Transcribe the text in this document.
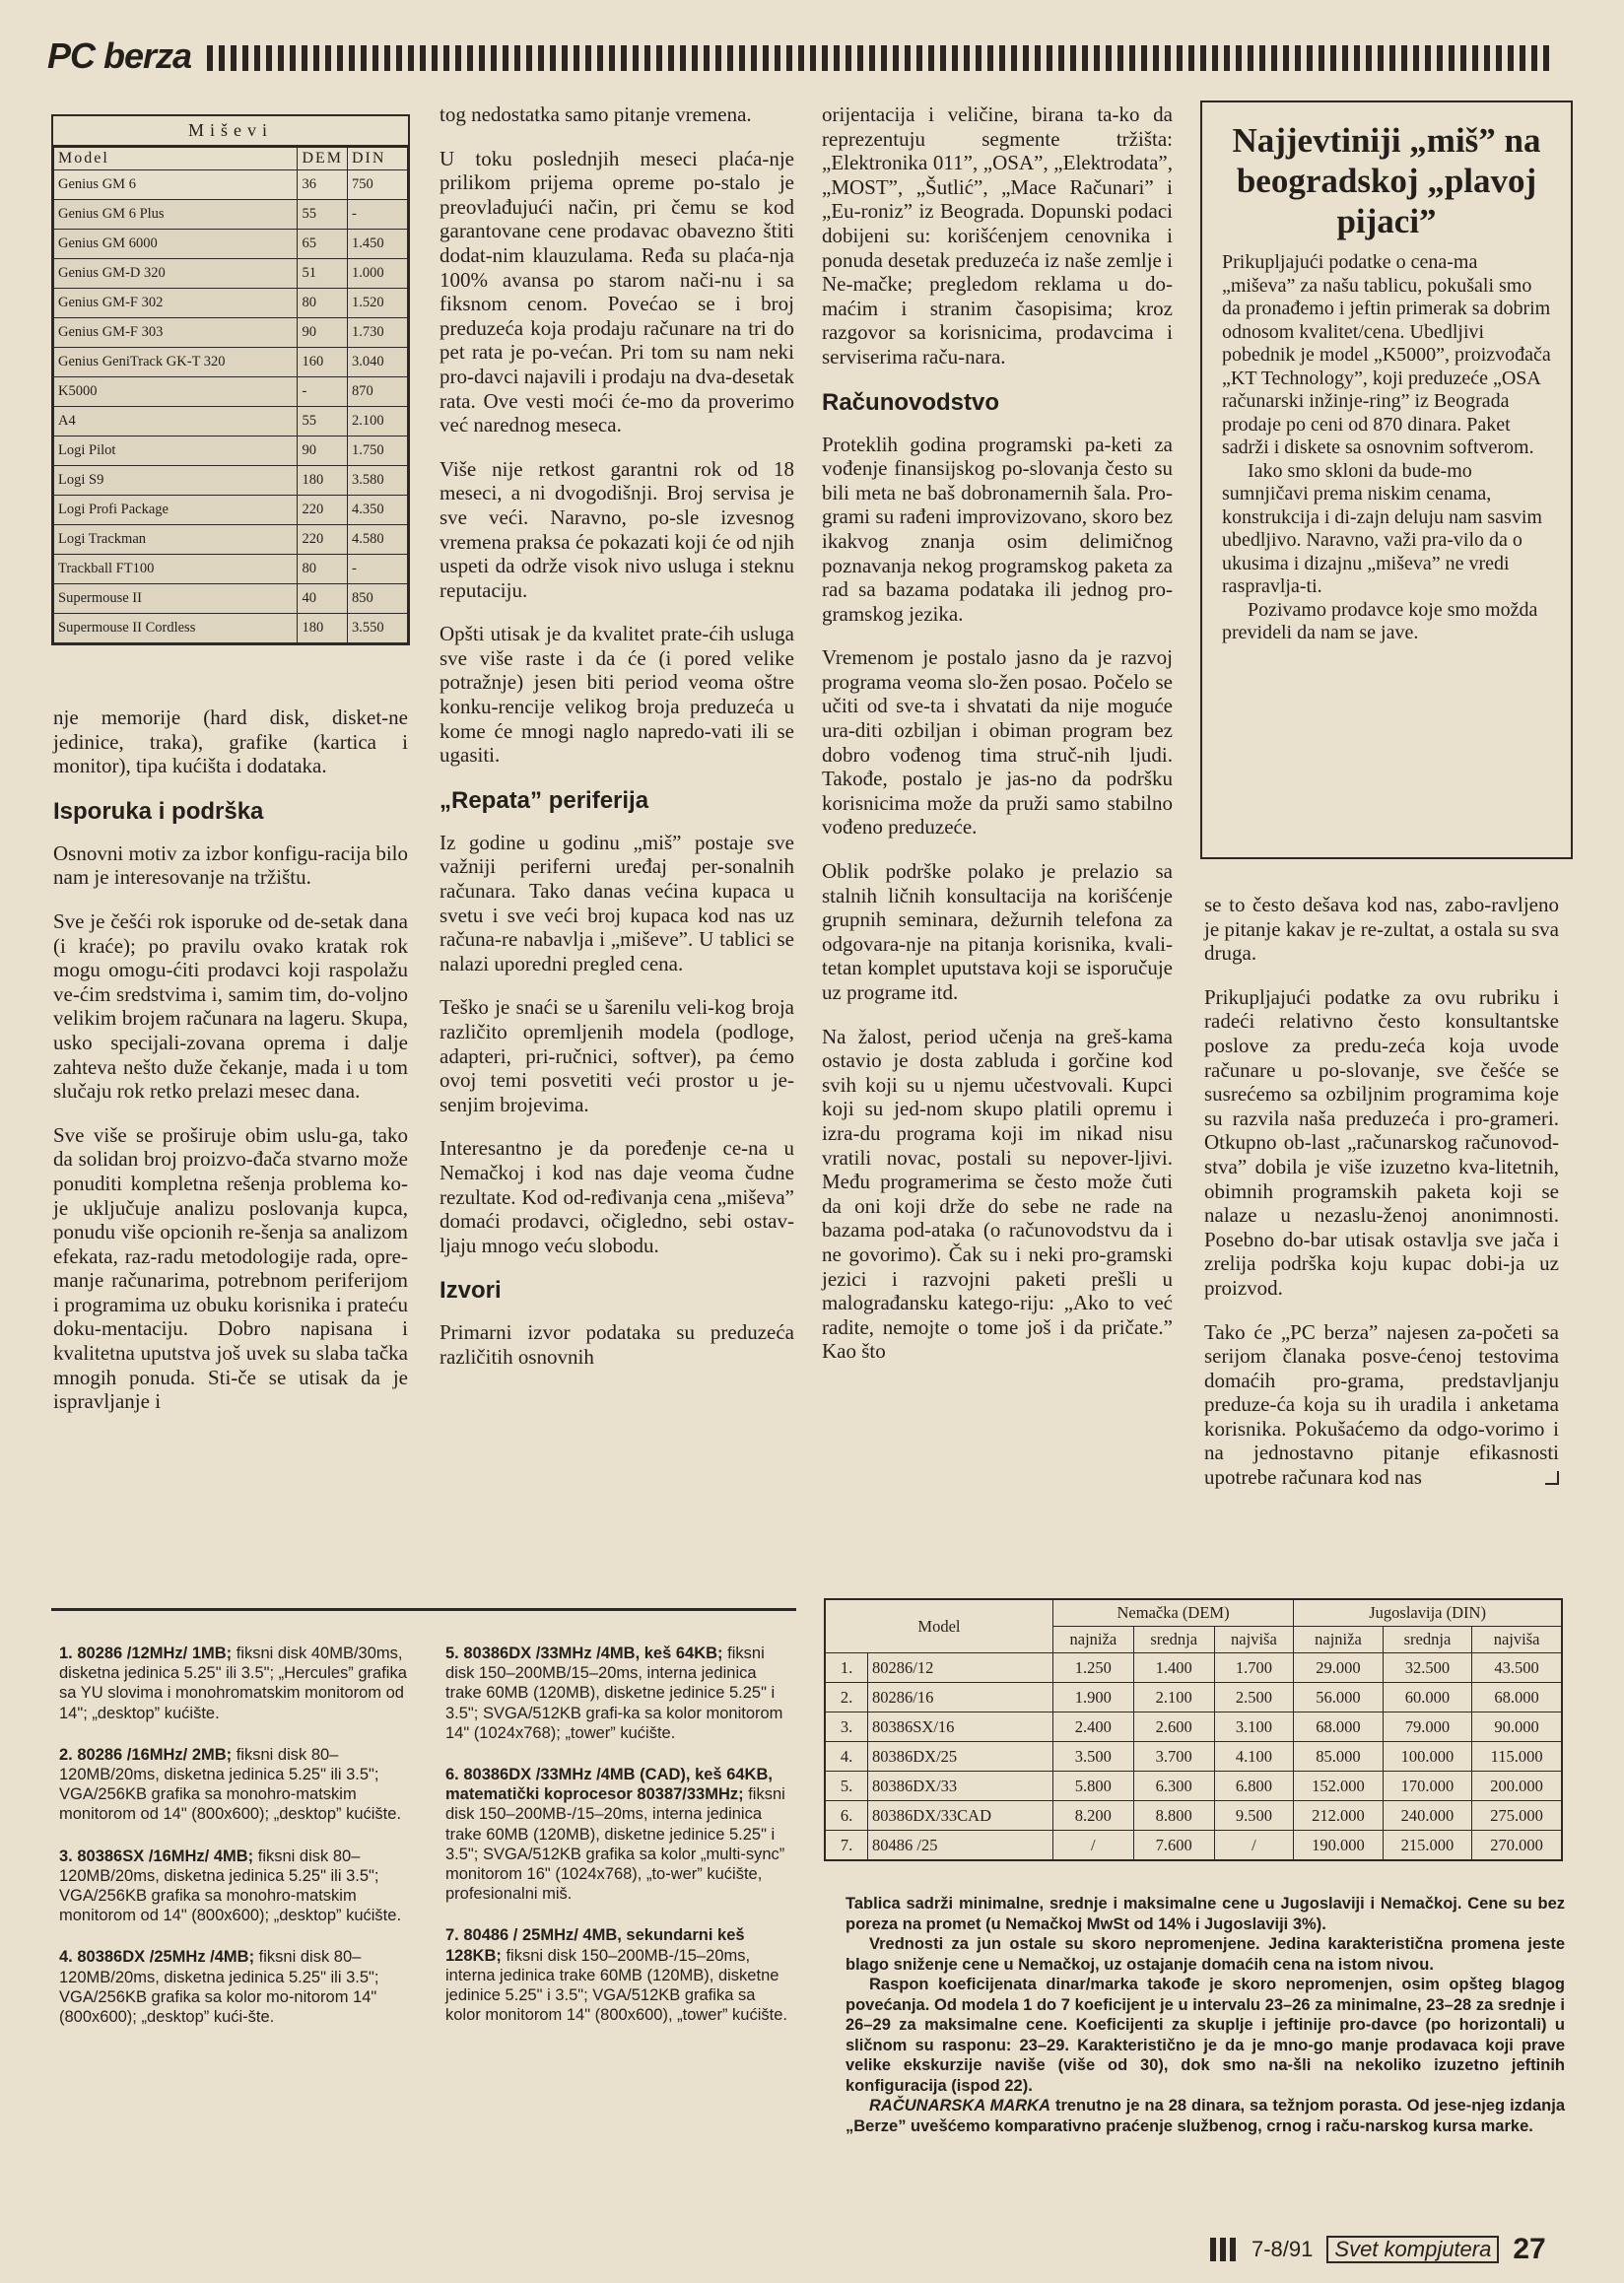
PC berza
Miševi
Model	DEM	DIN
Genius GM 6	36	750
Genius GM 6 Plus	55	-
Genius GM 6000	65	1.450
Genius GM-D 320	51	1.000
Genius GM-F 302	80	1.520
Genius GM-F 303	90	1.730
Genius GeniTrack GK-T 320	160	3.040
K5000	-	870
A4	55	2.100
Logi Pilot	90	1.750
Logi S9	180	3.580
Logi Profi Package	220	4.350
Logi Trackman	220	4.580
Trackball FT100	80	-
Supermouse II	40	850
Supermouse II Cordless	180	3.550

nje memorije (hard disk, disket-ne jedinice, traka), grafike (kartica i monitor), tipa kućišta i dodataka.

Isporuka i podrška

Osnovni motiv za izbor konfigu-racija bilo nam je interesovanje na tržištu.

Sve je češći rok isporuke od de-setak dana (i kraće); po pravilu ovako kratak rok mogu omogu-ćiti prodavci koji raspolažu ve-ćim sredstvima i, samim tim, do-voljno velikim brojem računara na lageru. Skupa, usko speciјali-zovana oprema i dalje zahteva nešto duže čekanje, mada i u tom slučaju rok retko prelazi mesec dana.

Sve više se proširuje obim uslu-ga, tako da solidan broj proizvo-đača stvarno može ponuditi kompletna rešenja problema ko-je uključuje analizu poslovanja kupca, ponudu više opcionih re-šenja sa analizom efekata, raz-radu metodologije rada, opre-manje računarima, potrebnom periferijom i programima uz obuku korisnika i prateću doku-mentaciju. Dobro napisana i kvalitetna uputstva još uvek su slaba tačka mnogih ponuda. Sti-če se utisak da je ispravljanje i

tog nedostatka samo pitanje vremena.

U toku poslednjih meseci plaća-nje prilikom prijema opreme po-stalo je preovlađujući način, pri čemu se kod garantovane cene prodavac obavezno štiti dodat-nim klauzulama. Ređa su plaća-nja 100% avansa po starom nači-nu i sa fiksnom cenom. Povećao se i broj preduzeća koja prodaju računare na tri do pet rata je po-većan. Pri tom su nam neki pro-davci najavili i prodaju na dva-desetak rata. Ove vesti moći će-mo da proverimo već narednog meseca.

Više nije retkost garantni rok od 18 meseci, a ni dvogodišnji. Broj servisa je sve veći. Naravno, po-sle izvesnog vremena praksa će pokazati koji će od njih uspeti da održe visok nivo usluga i steknu reputaciju.

Opšti utisak je da kvalitet prate-ćih usluga sve više raste i da će (i pored velike potražnje) jesen biti period veoma oštre konku-rencije velikog broja preduzeća u kome će mnogi naglo napredo-vati ili se ugasiti.

„Repata” periferija

Iz godine u godinu „miš” postaje sve važniji periferni uređaj per-sonalnih računara. Tako danas većina kupaca u svetu i sve veći broj kupaca kod nas uz računa-re nabavlja i „miševe”. U tablici se nalazi uporedni pregled cena.

Teško je snaći se u šarenilu veli-kog broja različito opremljenih modela (podloge, adapteri, pri-ručnici, softver), pa ćemo ovoj temi posvetiti veći prostor u je-senjim brojevima.

Interesantno je da poređenje ce-na u Nemačkoj i kod nas daje veoma čudne rezultate. Kod od-ređivanja cena „miševa” domaći prodavci, očigledno, sebi ostav-ljaju mnogo veću slobodu.

Izvori

Primarni izvor podataka su preduzeća različitih osnovnih

orijentacija i veličine, birana ta-ko da reprezentuju segmente tržišta: „Elektronika 011”, „OSA”, „Elektrodata”, „MOST”, „Šutlić”, „Mace Računari” i „Eu-roniz” iz Beograda. Dopunski podaci dobijeni su: korišćenjem cenovnika i ponuda desetak preduzeća iz naše zemlje i Ne-mačke; pregledom reklama u do-maćim i stranim časopisima; kroz razgovor sa korisnicima, prodavcima i serviserima raču-nara.

Računovodstvo

Proteklih godina programski pa-keti za vođenje finansijskog po-slovanja često su bili meta ne baš dobronamernih šala. Pro-grami su rađeni improvizovano, skoro bez ikakvog znanja osim delimičnog poznavanja nekog programskog paketa za rad sa bazama podataka ili jednog pro-gramskog jezika.

Vremenom je postalo jasno da je razvoj programa veoma slo-žen posao. Počelo se učiti od sve-ta i shvatati da nije moguće ura-diti ozbiljan i obiman program bez dobro vođenog tima struč-nih ljudi. Takođe, postalo je jas-no da podršku korisnicima može da pruži samo stabilno vođeno preduzeće.

Oblik podrške polako je prelazio sa stalnih ličnih konsultacija na korišćenje grupnih seminara, dežurnih telefona za odgovara-nje na pitanja korisnika, kvali-tetan komplet uputstava koji se isporučuje uz programe itd.

Na žalost, period učenja na greš-kama ostavio je dosta zabluda i gorčine kod svih koji su u njemu učestvovali. Kupci koji su jed-nom skupo platili opremu i izra-du programa koji im nikad nisu vratili novac, postali su nepover-ljivi. Među programerima se često može čuti da oni koji drže do sebe ne rade na bazama pod-ataka (o računovodstvu da i ne govorimo). Čak su i neki pro-gramski jezici i razvojni paketi prešli u malograđansku katego-riju: „Ako to već radite, nemojte o tome još i da pričate.” Kao što

Najjevtiniji „miš” na beogradskoj „plavoj pijaci”

Prikupljajući podatke o cena-ma „miševa” za našu tablicu, pokušali smo da pronađemo i jeftin primerak sa dobrim odnosom kvalitet/cena. Ubedljivi pobednik je model „K5000”, proizvođača „KT Technology”, koji preduzeće „OSA računarski inžinje-ring” iz Beograda prodaje po ceni od 870 dinara. Paket sadrži i diskete sa osnovnim softverom.

Iako smo skloni da bude-mo sumnjičavi prema niskim cenama, konstrukcija i di-zajn deluju nam sasvim ubedljivo. Naravno, važi pra-vilo da o ukusima i dizajnu „miševa” ne vredi raspravlja-ti.

Pozivamo prodavce koje smo možda prevideli da nam se jave.

se to često dešava kod nas, zabo-ravljeno je pitanje kakav je re-zultat, a ostala su sva druga.

Prikupljajući podatke za ovu rubriku i radeći relativno često konsultantske poslove za predu-zeća koja uvode računare u po-slovanje, sve češće se susrećemo sa ozbiljnim programima koje su razvila naša preduzeća i pro-grameri. Otkupno ob-last „računarskog računovod-stva” dobila je više izuzetno kva-litetnih, obimnih programskih paketa koji se nalaze u nezaslu-ženoj anonimnosti. Posebno do-bar utisak ostavlja sve jača i zrelija podrška koju kupac dobi-ja uz proizvod.

Tako će „PC berza” najesen za-početi sa serijom članaka posve-ćenoj testovima domaćih pro-grama, predstavljanju preduze-ća koja su ih uradila i anketama korisnika. Pokušaćemo da odgo-vorimo i na jednostavno pitanje efikasnosti upotrebe računara kod nas

1. 80286 /12MHz/ 1MB; fiksni disk 40MB/30ms, disketna jedinica 5.25" ili 3.5"; „Hercules” grafika sa YU slovima i monohromatskim monitorom od 14"; „desktop” kućište.

2. 80286 /16MHz/ 2MB; fiksni disk 80–120MB/20ms, disketna jedinica 5.25" ili 3.5"; VGA/256KB grafika sa monohro-matskim monitorom od 14" (800x600); „desktop” kućište.

3. 80386SX /16MHz/ 4MB; fiksni disk 80–120MB/20ms, disketna jedinica 5.25" ili 3.5"; VGA/256KB grafika sa monohro-matskim monitorom od 14" (800x600); „desktop” kućište.

4. 80386DX /25MHz /4MB; fiksni disk 80–120MB/20ms, disketna jedinica 5.25" ili 3.5"; VGA/256KB grafika sa kolor mo-nitorom 14" (800x600); „desktop” kući-šte.

5. 80386DX /33MHz /4MB, keš 64KB; fiksni disk 150–200MB/15–20ms, interna jedinica trake 60MB (120MB), disketne jedinice 5.25" i 3.5"; SVGA/512KB grafi-ka sa kolor monitorom 14" (1024x768); „tower” kućište.

6. 80386DX /33MHz /4MB (CAD), keš 64KB, matematički koprocesor 80387/33MHz; fiksni disk 150–200MB-/15–20ms, interna jedinica trake 60MB (120MB), disketne jedinice 5.25" i 3.5"; SVGA/512KB grafika sa kolor „multi-sync” monitorom 16" (1024x768), „to-wer” kućište, profesionalni miš.

7. 80486 / 25MHz/ 4MB, sekundarni keš 128KB; fiksni disk 150–200MB-/15–20ms, interna jedinica trake 60MB (120MB), disketne jedinice 5.25" i 3.5"; VGA/512KB grafika sa kolor monitorom 14" (800x600), „tower” kućište.

Model		Nemačka (DEM)			Jugoslavija (DIN)		
		najniža	srednja	najviša	najniža	srednja	najviša
1.	80286/12	1.250	1.400	1.700	29.000	32.500	43.500
2.	80286/16	1.900	2.100	2.500	56.000	60.000	68.000
3.	80386SX/16	2.400	2.600	3.100	68.000	79.000	90.000
4.	80386DX/25	3.500	3.700	4.100	85.000	100.000	115.000
5.	80386DX/33	5.800	6.300	6.800	152.000	170.000	200.000
6.	80386DX/33CAD	8.200	8.800	9.500	212.000	240.000	275.000
7.	80486 /25	/	7.600	/	190.000	215.000	270.000

Tablica sadrži minimalne, srednje i maksimalne cene u Jugoslaviji i Nemačkoj. Cene su bez poreza na promet (u Nemačkoj MwSt od 14% i Jugoslaviji 3%).

Vrednosti za jun ostale su skoro nepromenjene. Jedina karakteristična promena jeste blago sniženje cene u Nemačkoj, uz ostajanje domaćih cena na istom nivou.

Raspon koeficijenata dinar/marka takođe je skoro nepromenjen, osim opšteg blagog povećanja. Od modela 1 do 7 koeficijent je u intervalu 23–26 za minimalne, 23–28 za srednje i 26–29 za maksimalne cene. Koeficijenti za skuplje i jeftinije pro-davce (po horizontali) u sličnom su rasponu: 23–29. Karakteristično je da je mno-go manje prodavaca koji prave velike ekskurzije naviše (više od 30), dok smo na-šli na nekoliko izuzetno jeftinih konfiguracija (ispod 22).

RAČUNARSKA MARKA trenutno je na 28 dinara, sa težnjom porasta. Od jese-njeg izdanja „Berze” uvešćemo komparativno praćenje službenog, crnog i raču-narskog kursa marke.

7-8/91	Svet kompjutera 27
